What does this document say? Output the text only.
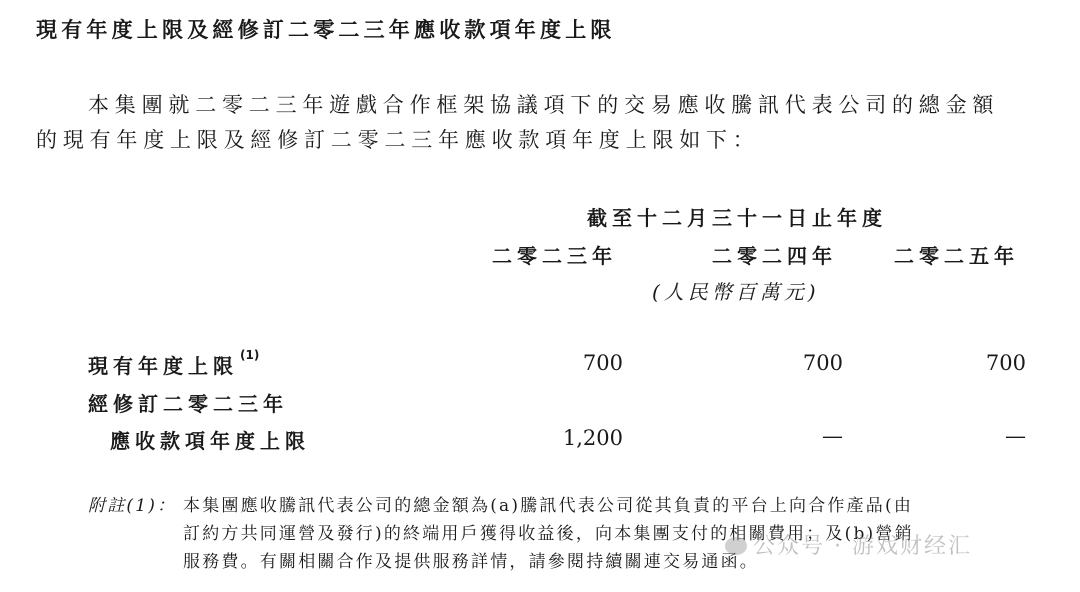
現有年度上限及經修訂二零二三年應收款項年度上限
本集團就二零二三年遊戲合作框架協議項下的交易應收騰訊代表公司的總金額
的現有年度上限及經修訂二零二三年應收款項年度上限如下：
截至十二月三十一日止年度
二零二三年	二零二四年	二零二五年
(人民幣百萬元)
現有年度上限 $^{(1)}$	700	700	700
經修訂二零二三年
應收款項年度上限	1,200	—	—
附註(1)： 本集團應收騰訊代表公司的總金額為(a)騰訊代表公司從其負責的平台上向合作產品(由
訂約方共同運營及發行)的終端用戶獲得收益後，向本集團支付的相關費用；及(b)營銷
服務費。有關相關合作及提供服務詳情，請參閱持續關連交易通函。
公众号 · 游戏财经汇
